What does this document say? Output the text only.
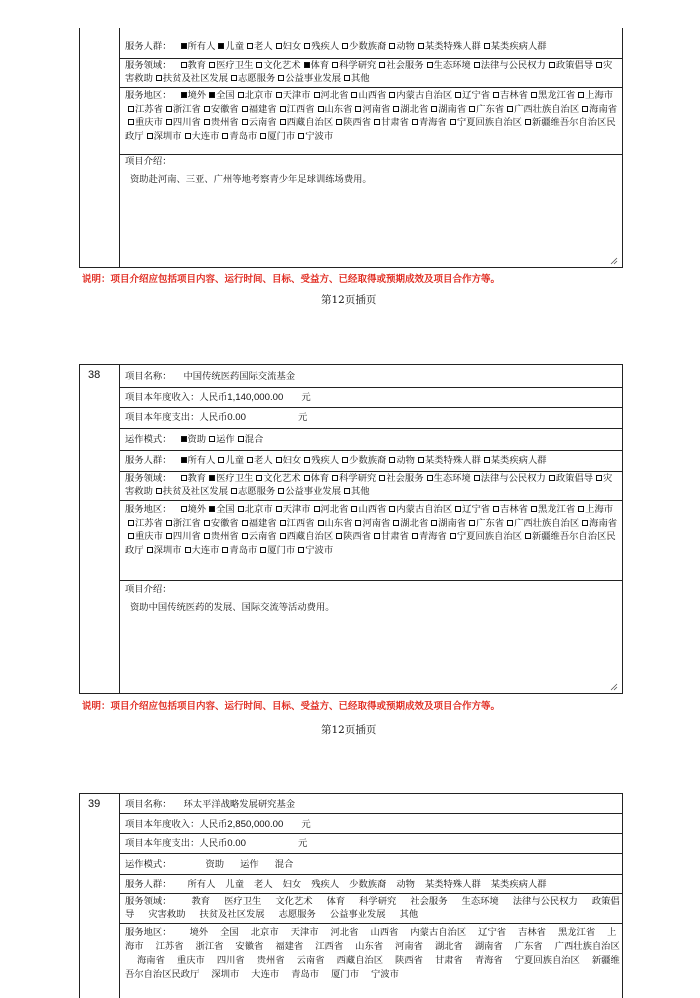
服务人群： 所有人 儿童 老人 妇女 残疾人 少数族裔 动物 某类特殊人群 某类疾病人群
服务领域： 教育 医疗卫生 文化艺术 体育 科学研究 社会服务 生态环境 法律与公民权力 政策倡导 灾害救助 扶贫及社区发展 志愿服务 公益事业发展 其他
服务地区： 境外 全国 北京市 天津市 河北省 山西省 内蒙古自治区 辽宁省 吉林省 黑龙江省 上海市江苏省 浙江省 安徽省 福建省 江西省 山东省 河南省 湖北省 湖南省 广东省 广西壮族自治区 海南省重庆市 四川省 贵州省 云南省 西藏自治区 陕西省 甘肃省 青海省 宁夏回族自治区 新疆维吾尔自治区民政厅 深圳市 大连市 青岛市 厦门市 宁波市
项目介绍：
资助赴河南、三亚、广州等地考察青少年足球训练场费用。
说明：项目介绍应包括项目内容、运行时间、目标、受益方、已经取得或预期成效及项目合作方等。
第12页插页
38	项目名称： 中国传统医药国际交流基金
项目本年度收入：人民币1,140,000.00 元
项目本年度支出：人民币0.00	元
运作模式： 资助 运作 混合
服务人群： 所有人 儿童 老人 妇女 残疾人 少数族裔 动物 某类特殊人群 某类疾病人群
服务领域： 教育 医疗卫生 文化艺术 体育 科学研究 社会服务 生态环境 法律与公民权力 政策倡导 灾害救助 扶贫及社区发展 志愿服务 公益事业发展 其他
服务地区： 境外 全国 北京市 天津市 河北省 山西省 内蒙古自治区 辽宁省 吉林省 黑龙江省 上海市江苏省 浙江省 安徽省 福建省 江西省 山东省 河南省 湖北省 湖南省 广东省 广西壮族自治区 海南省重庆市 四川省 贵州省 云南省 西藏自治区 陕西省 甘肃省 青海省 宁夏回族自治区 新疆维吾尔自治区民政厅 深圳市 大连市 青岛市 厦门市 宁波市
项目介绍：
资助中国传统医药的发展、国际交流等活动费用。
说明：项目介绍应包括项目内容、运行时间、目标、受益方、已经取得或预期成效及项目合作方等。
第12页插页
39	项目名称： 环太平洋战略发展研究基金
项目本年度收入：人民币2,850,000.00 元
项目本年度支出：人民币0.00	元
运作模式：	资助 运作 混合
服务人群： 所有人 儿童 老人 妇女 残疾人 少数族裔 动物 某类特殊人群 某类疾病人群
服务领域： 教育 医疗卫生 文化艺术 体育 科学研究 社会服务 生态环境 法律与公民权力 政策倡导 灾害救助 扶贫及社区发展 志愿服务 公益事业发展 其他
服务地区： 境外 全国 北京市 天津市 河北省 山西省 内蒙古自治区 辽宁省 吉林省 黑龙江省 上海市 江苏省 浙江省 安徽省 福建省 江西省 山东省 河南省 湖北省 湖南省 广东省 广西壮族自治区海南省 重庆市 四川省 贵州省 云南省 西藏自治区 陕西省 甘肃省 青海省 宁夏回族自治区 新疆维吾尔自治区民政厅 深圳市 大连市 青岛市 厦门市 宁波市
